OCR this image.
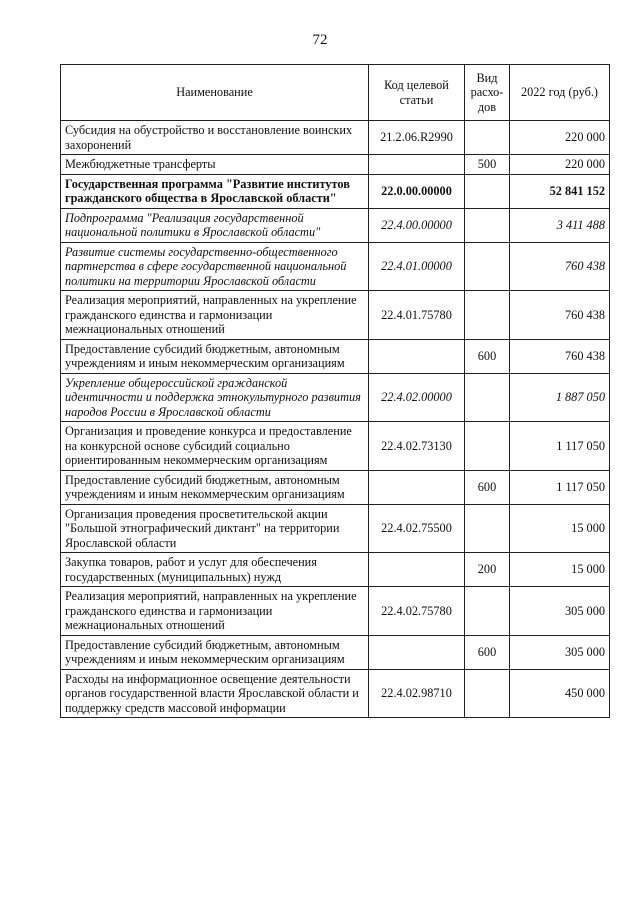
72
Наименование	Код целевой статьи	Вид расхо-дов	2022 год (руб.)
Субсидия на обустройство и восстановление воинских захоронений	21.2.06.R2990		220 000
Межбюджетные трансферты		500	220 000
Государственная программа "Развитие институтов гражданского общества в Ярославской области"	22.0.00.00000		52 841 152
Подпрограмма "Реализация государственной национальной политики в Ярославской области"	22.4.00.00000		3 411 488
Развитие системы государственно-общественного партнерства в сфере государственной национальной политики на территории Ярославской области	22.4.01.00000		760 438
Реализация мероприятий, направленных на укрепление гражданского единства и гармонизации межнациональных отношений	22.4.01.75780		760 438
Предоставление субсидий бюджетным, автономным учреждениям и иным некоммерческим организациям		600	760 438
Укрепление общероссийской гражданской идентичности и поддержка этнокультурного развития народов России в Ярославской области	22.4.02.00000		1 887 050
Организация и проведение конкурса и предоставление на конкурсной основе субсидий социально ориентированным некоммерческим организациям	22.4.02.73130		1 117 050
Предоставление субсидий бюджетным, автономным учреждениям и иным некоммерческим организациям		600	1 117 050
Организация проведения просветительской акции "Большой этнографический диктант" на территории Ярославской области	22.4.02.75500		15 000
Закупка товаров, работ и услуг для обеспечения государственных (муниципальных) нужд		200	15 000
Реализация мероприятий, направленных на укрепление гражданского единства и гармонизации межнациональных отношений	22.4.02.75780		305 000
Предоставление субсидий бюджетным, автономным учреждениям и иным некоммерческим организациям		600	305 000
Расходы на информационное освещение деятельности органов государственной власти Ярославской области и поддержку средств массовой информации	22.4.02.98710		450 000
